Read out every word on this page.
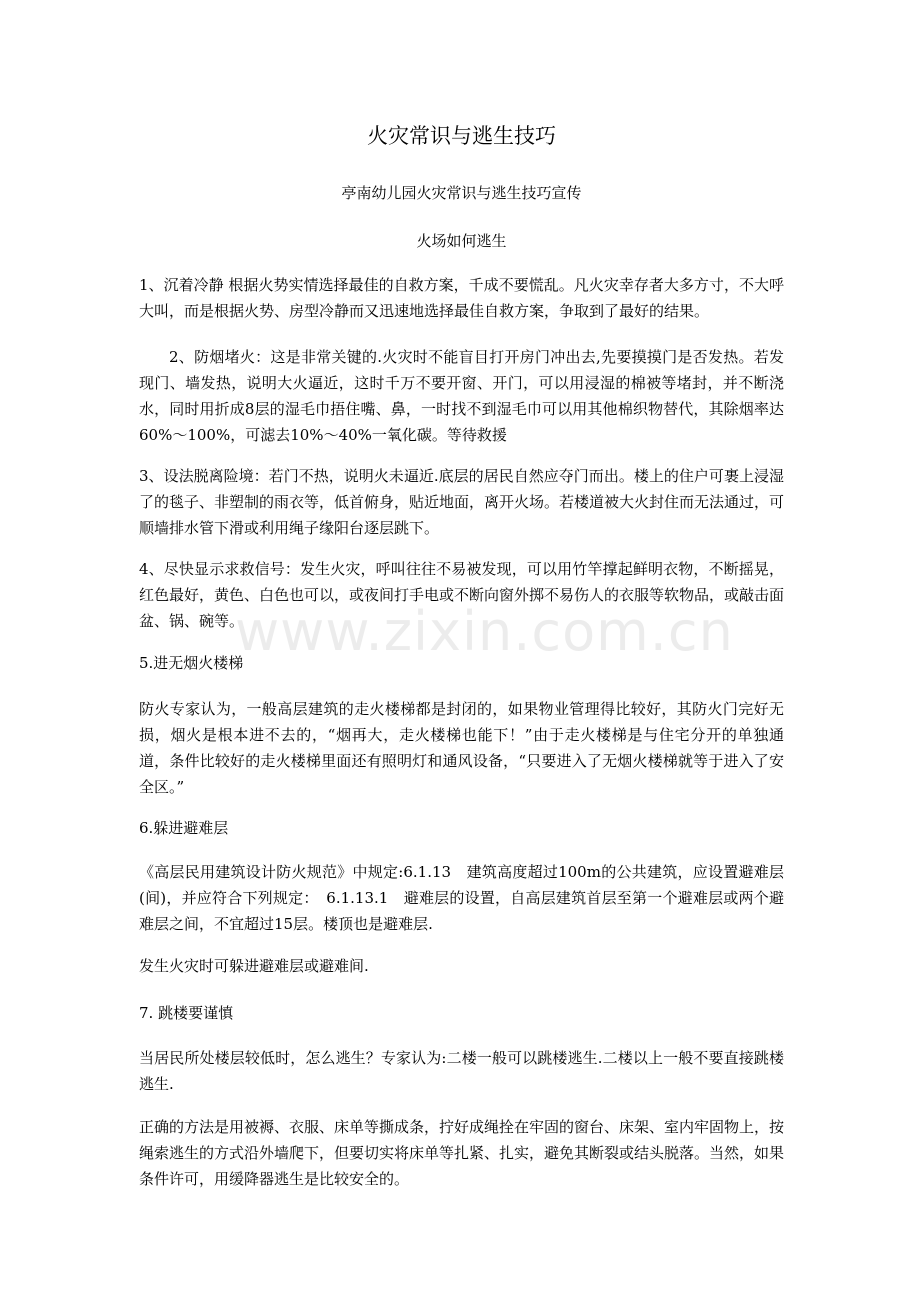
火灾常识与逃生技巧
亭南幼儿园火灾常识与逃生技巧宣传
火场如何逃生

1、沉着冷静 根据火势实情选择最佳的自救方案，千成不要慌乱。凡火灾幸存者大多方寸，不大呼大叫，而是根据火势、房型冷静而又迅速地选择最佳自救方案，争取到了最好的结果。

2、防烟堵火：这是非常关键的.火灾时不能盲目打开房门冲出去,先要摸摸门是否发热。若发现门、墙发热，说明大火逼近，这时千万不要开窗、开门，可以用浸湿的棉被等堵封，并不断浇水，同时用折成8层的湿毛巾捂住嘴、鼻，一时找不到湿毛巾可以用其他棉织物替代，其除烟率达60%～100%，可滤去10%～40%一氧化碳。等待救援

3、设法脱离险境：若门不热，说明火未逼近.底层的居民自然应夺门而出。楼上的住户可裹上浸湿了的毯子、非塑制的雨衣等，低首俯身，贴近地面，离开火场。若楼道被大火封住而无法通过，可顺墙排水管下滑或利用绳子缘阳台逐层跳下。

4、尽快显示求救信号：发生火灾，呼叫往往不易被发现，可以用竹竿撑起鲜明衣物，不断摇晃，红色最好，黄色、白色也可以，或夜间打手电或不断向窗外掷不易伤人的衣服等软物品，或敲击面盆、锅、碗等。

5.进无烟火楼梯

防火专家认为，一般高层建筑的走火楼梯都是封闭的，如果物业管理得比较好，其防火门完好无损，烟火是根本进不去的，“烟再大，走火楼梯也能下！”由于走火楼梯是与住宅分开的单独通道，条件比较好的走火楼梯里面还有照明灯和通风设备，“只要进入了无烟火楼梯就等于进入了安全区。”

6.躲进避难层

《高层民用建筑设计防火规范》中规定:6.1.13　建筑高度超过100m的公共建筑，应设置避难层(间)，并应符合下列规定：　6.1.13.1　避难层的设置，自高层建筑首层至第一个避难层或两个避难层之间，不宜超过15层。楼顶也是避难层.

发生火灾时可躲进避难层或避难间.

7. 跳楼要谨慎

当居民所处楼层较低时，怎么逃生？专家认为:二楼一般可以跳楼逃生.二楼以上一般不要直接跳楼逃生.

正确的方法是用被褥、衣服、床单等撕成条，拧好成绳拴在牢固的窗台、床架、室内牢固物上，按绳索逃生的方式沿外墙爬下，但要切实将床单等扎紧、扎实，避免其断裂或结头脱落。当然，如果条件许可，用缓降器逃生是比较安全的。

www.zixin.com.cn
